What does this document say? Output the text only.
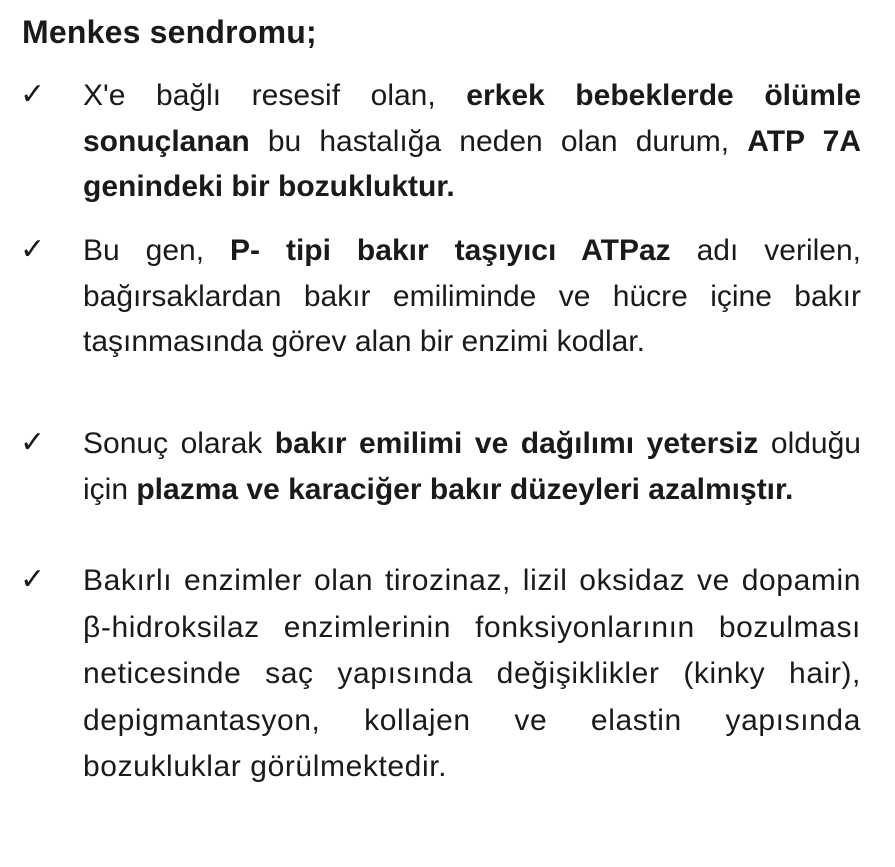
Menkes sendromu;
✓ X'e bağlı resesif olan, erkek bebeklerde ölümle sonuçlanan bu hastalığa neden olan durum, ATP 7A genindeki bir bozukluktur.
✓ Bu gen, P- tipi bakır taşıyıcı ATPaz adı verilen, bağırsaklardan bakır emiliminde ve hücre içine bakır taşınmasında görev alan bir enzimi kodlar.
✓ Sonuç olarak bakır emilimi ve dağılımı yetersiz olduğu için plazma ve karaciğer bakır düzeyleri azalmıştır.
✓ Bakırlı enzimler olan tirozinaz, lizil oksidaz ve dopamin β-hidroksilaz enzimlerinin fonksiyonlarının bozulması neticesinde saç yapısında değişiklikler (kinky hair), depigmantasyon, kollajen ve elastin yapısında bozukluklar görülmektedir.
